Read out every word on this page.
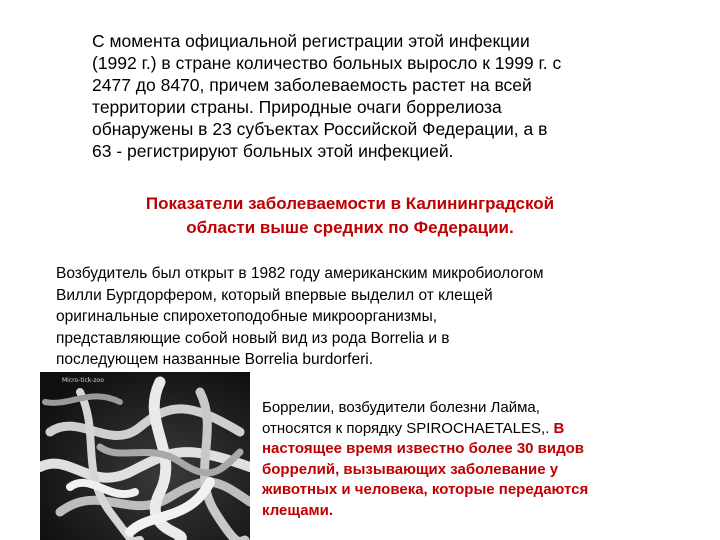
С момента официальной регистрации этой инфекции
(1992 г.) в стране количество больных выросло к 1999 г. с
2477 до 8470, причем заболеваемость растет на всей
территории страны. Природные очаги боррелиоза
обнаружены в 23 субъектах Российской Федерации, а в
63 - регистрируют больных этой инфекцией.
Показатели заболеваемости в Калининградской
области выше средних по Федерации.
Возбудитель был открыт в 1982 году американским микробиологом
Вилли Бургдорфером, который впервые выделил от клещей
оригинальные спирохетоподобные микроорганизмы,
представляющие собой новый вид из рода Borrelia и в
последующем названные Borrelia burdorferi.
Micro-tick-zoo
Боррелии, возбудители болезни Лайма,
относятся к порядку SPIROCHAETALES,. В
настоящее время известно более 30 видов
боррелий, вызывающих заболевание у
животных и человека, которые передаются
клещами.
